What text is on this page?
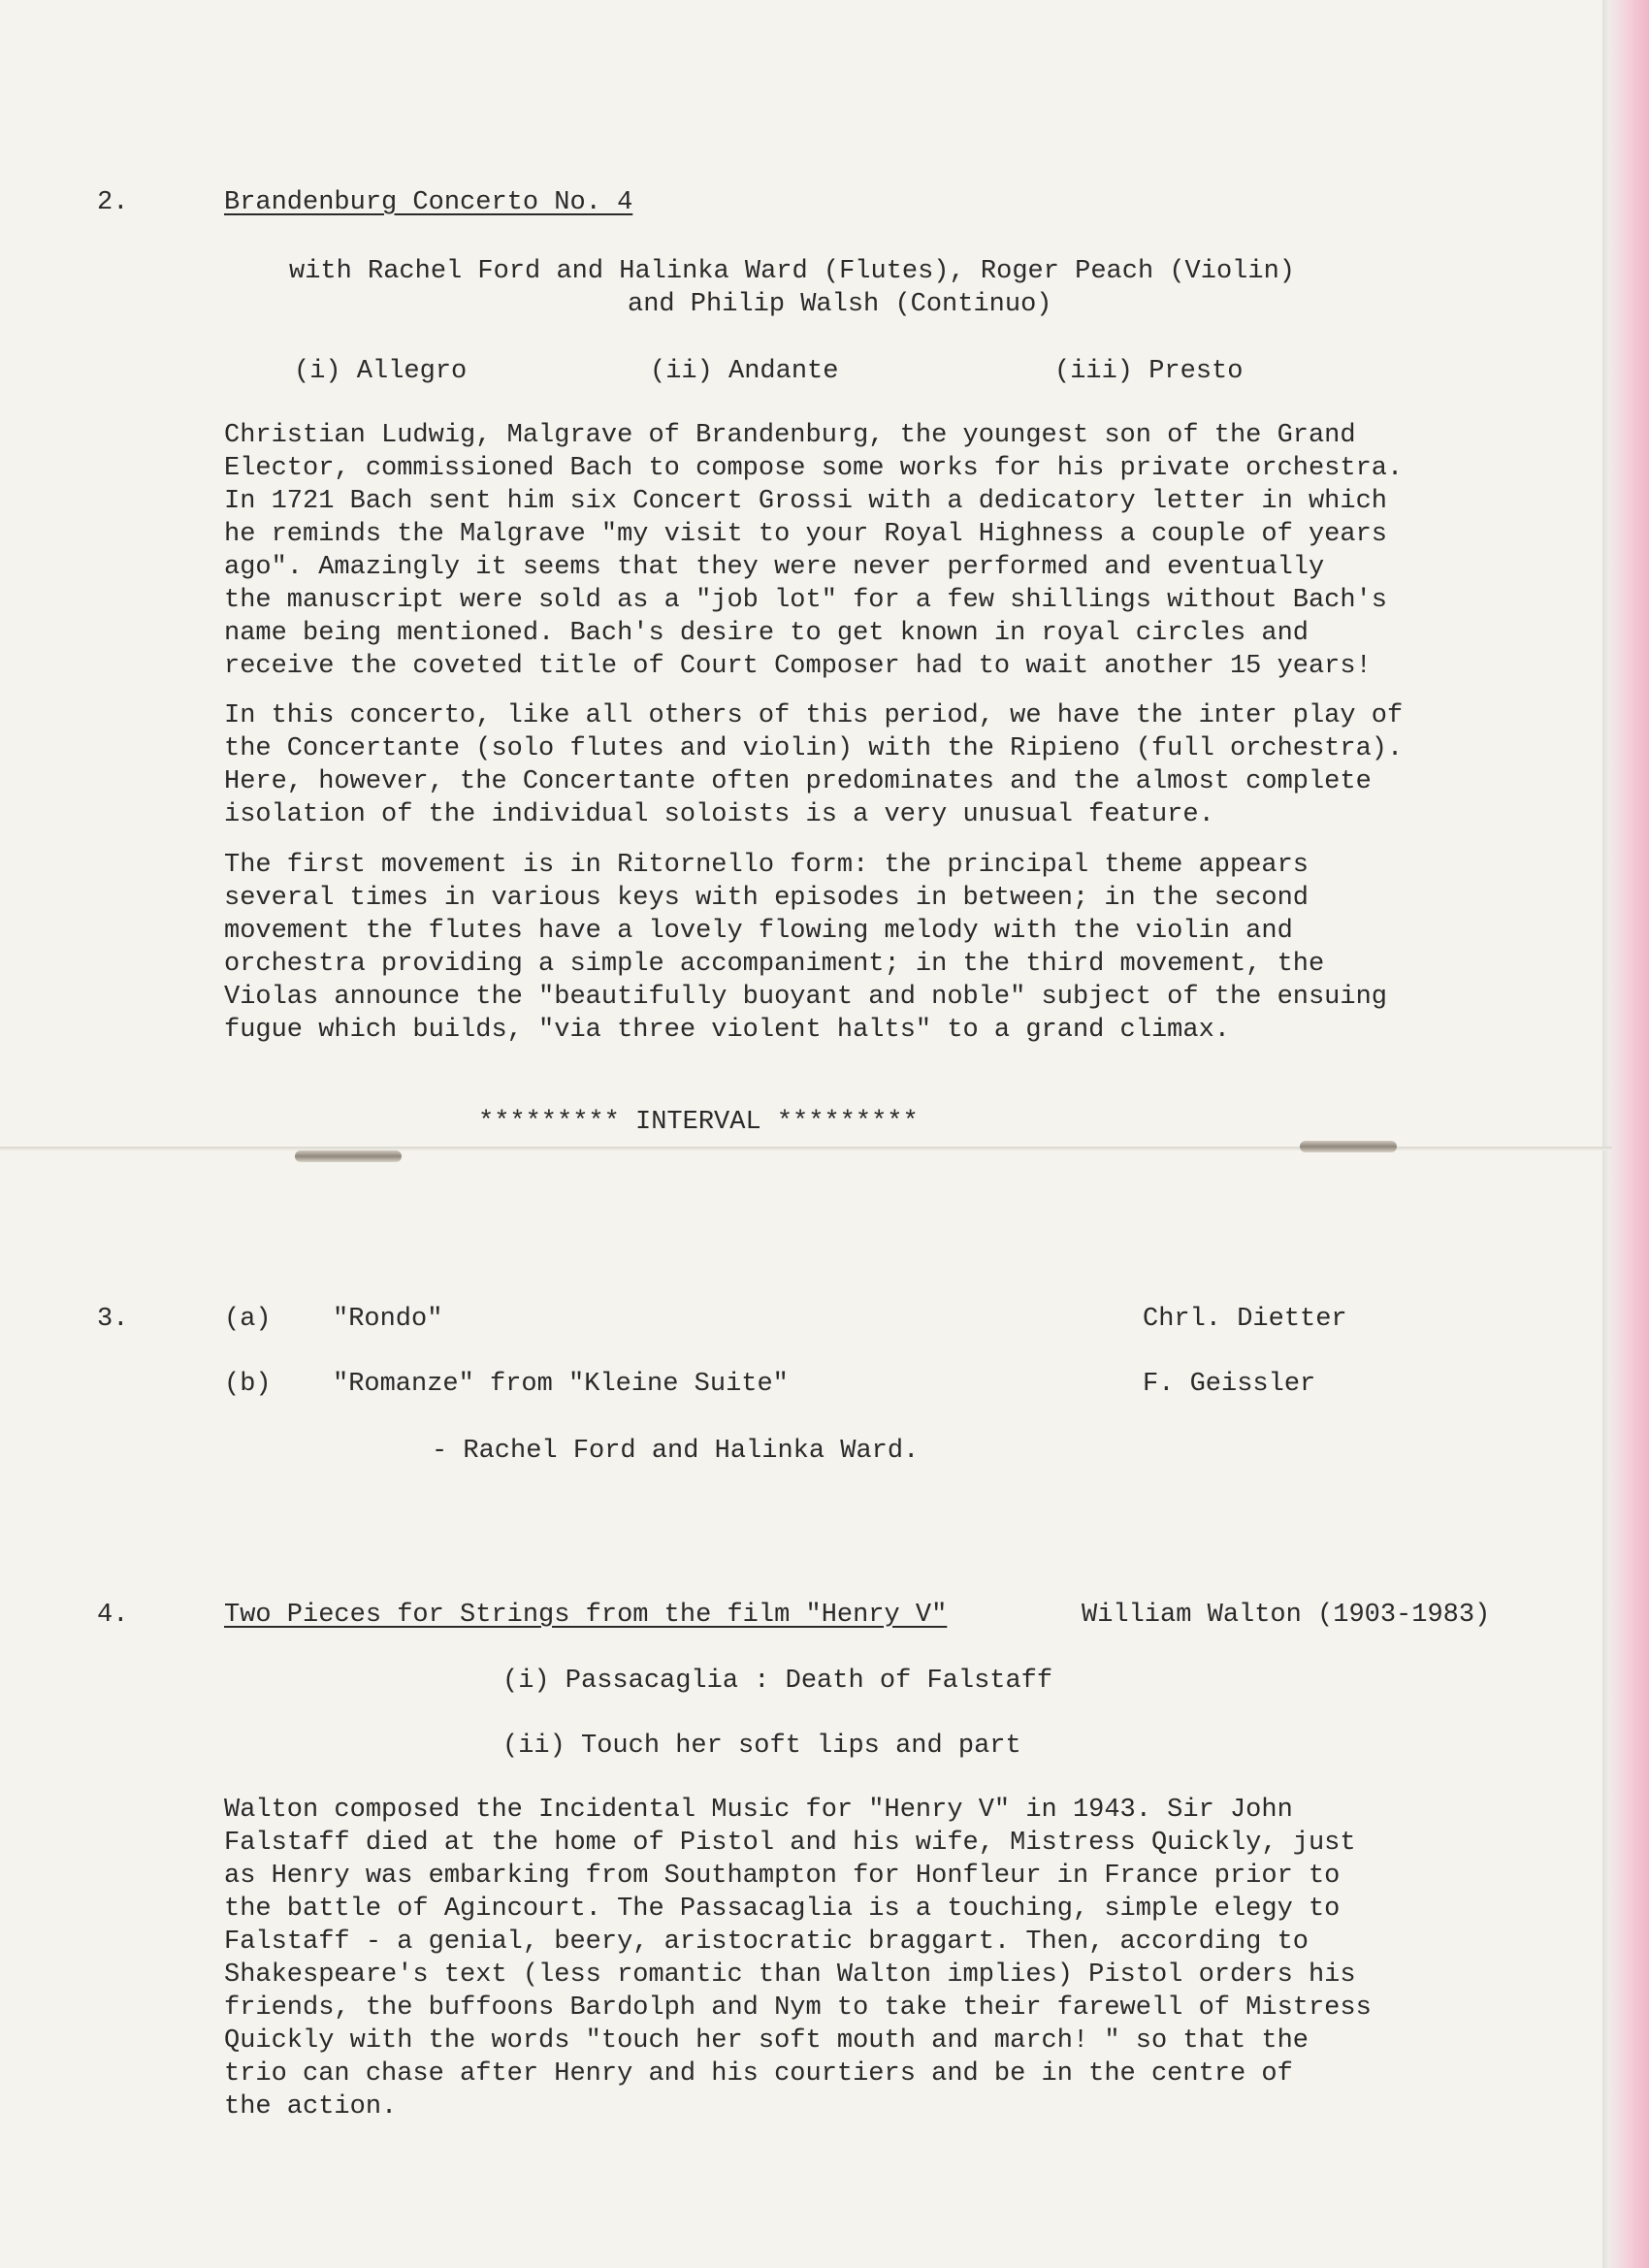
2.	Brandenburg Concerto No. 4
with Rachel Ford and Halinka Ward (Flutes), Roger Peach (Violin)
and Philip Walsh (Continuo)
(i) Allegro	(ii) Andante	(iii) Presto
Christian Ludwig, Malgrave of Brandenburg, the youngest son of the Grand
Elector, commissioned Bach to compose some works for his private orchestra.
In 1721 Bach sent him six Concert Grossi with a dedicatory letter in which
he reminds the Malgrave "my visit to your Royal Highness a couple of years
ago". Amazingly it seems that they were never performed and eventually
the manuscript were sold as a "job lot" for a few shillings without Bach's
name being mentioned. Bach's desire to get known in royal circles and
receive the coveted title of Court Composer had to wait another 15 years!
In this concerto, like all others of this period, we have the inter play of
the Concertante (solo flutes and violin) with the Ripieno (full orchestra).
Here, however, the Concertante often predominates and the almost complete
isolation of the individual soloists is a very unusual feature.
The first movement is in Ritornello form: the principal theme appears
several times in various keys with episodes in between; in the second
movement the flutes have a lovely flowing melody with the violin and
orchestra providing a simple accompaniment; in the third movement, the
Violas announce the "beautifully buoyant and noble" subject of the ensuing
fugue which builds, "via three violent halts" to a grand climax.
********* INTERVAL *********
3.	(a) "Rondo"	Chrl. Dietter
(b) "Romanze" from "Kleine Suite"	F. Geissler
- Rachel Ford and Halinka Ward.
4.	Two Pieces for Strings from the film "Henry V"	William Walton (1903-1983)
(i) Passacaglia : Death of Falstaff
(ii) Touch her soft lips and part
Walton composed the Incidental Music for "Henry V" in 1943. Sir John
Falstaff died at the home of Pistol and his wife, Mistress Quickly, just
as Henry was embarking from Southampton for Honfleur in France prior to
the battle of Agincourt. The Passacaglia is a touching, simple elegy to
Falstaff - a genial, beery, aristocratic braggart. Then, according to
Shakespeare's text (less romantic than Walton implies) Pistol orders his
friends, the buffoons Bardolph and Nym to take their farewell of Mistress
Quickly with the words "touch her soft mouth and march! " so that the
trio can chase after Henry and his courtiers and be in the centre of
the action.
